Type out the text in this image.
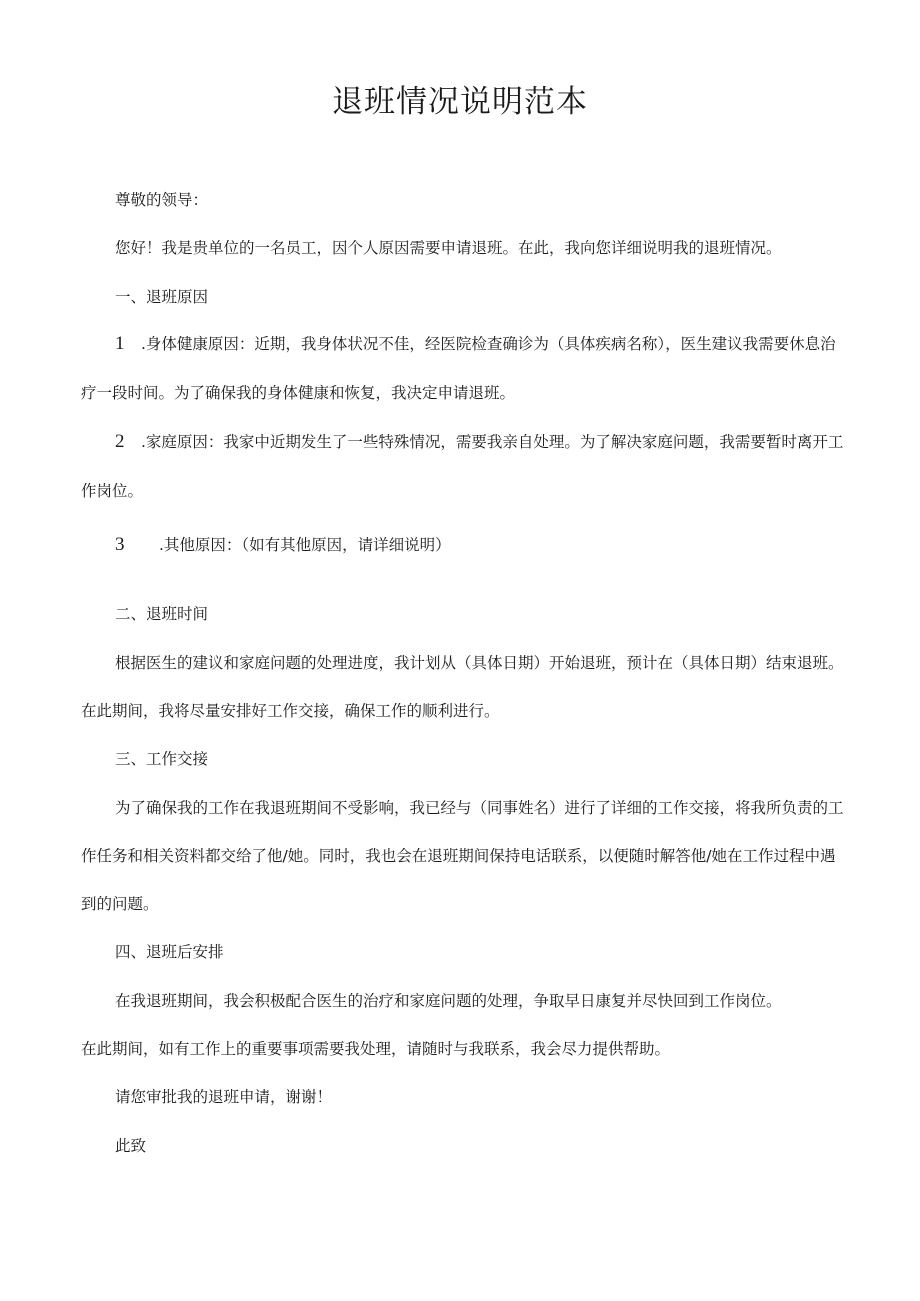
退班情况说明范本

尊敬的领导：

您好！我是贵单位的一名员工，因个人原因需要申请退班。在此，我向您详细说明我的退班情况。

一、退班原因

1 .身体健康原因：近期，我身体状况不佳，经医院检查确诊为（具体疾病名称），医生建议我需要休息治

疗一段时间。为了确保我的身体健康和恢复，我决定申请退班。

2 .家庭原因：我家中近期发生了一些特殊情况，需要我亲自处理。为了解决家庭问题，我需要暂时离开工

作岗位。

3 .其他原因：（如有其他原因，请详细说明）

二、退班时间

根据医生的建议和家庭问题的处理进度，我计划从（具体日期）开始退班，预计在（具体日期）结束退班。

在此期间，我将尽量安排好工作交接，确保工作的顺利进行。

三、工作交接

为了确保我的工作在我退班期间不受影响，我已经与（同事姓名）进行了详细的工作交接，将我所负责的工

作任务和相关资料都交给了他/她。同时，我也会在退班期间保持电话联系，以便随时解答他/她在工作过程中遇

到的问题。

四、退班后安排

在我退班期间，我会积极配合医生的治疗和家庭问题的处理，争取早日康复并尽快回到工作岗位。

在此期间，如有工作上的重要事项需要我处理，请随时与我联系，我会尽力提供帮助。

请您审批我的退班申请，谢谢！

此致
